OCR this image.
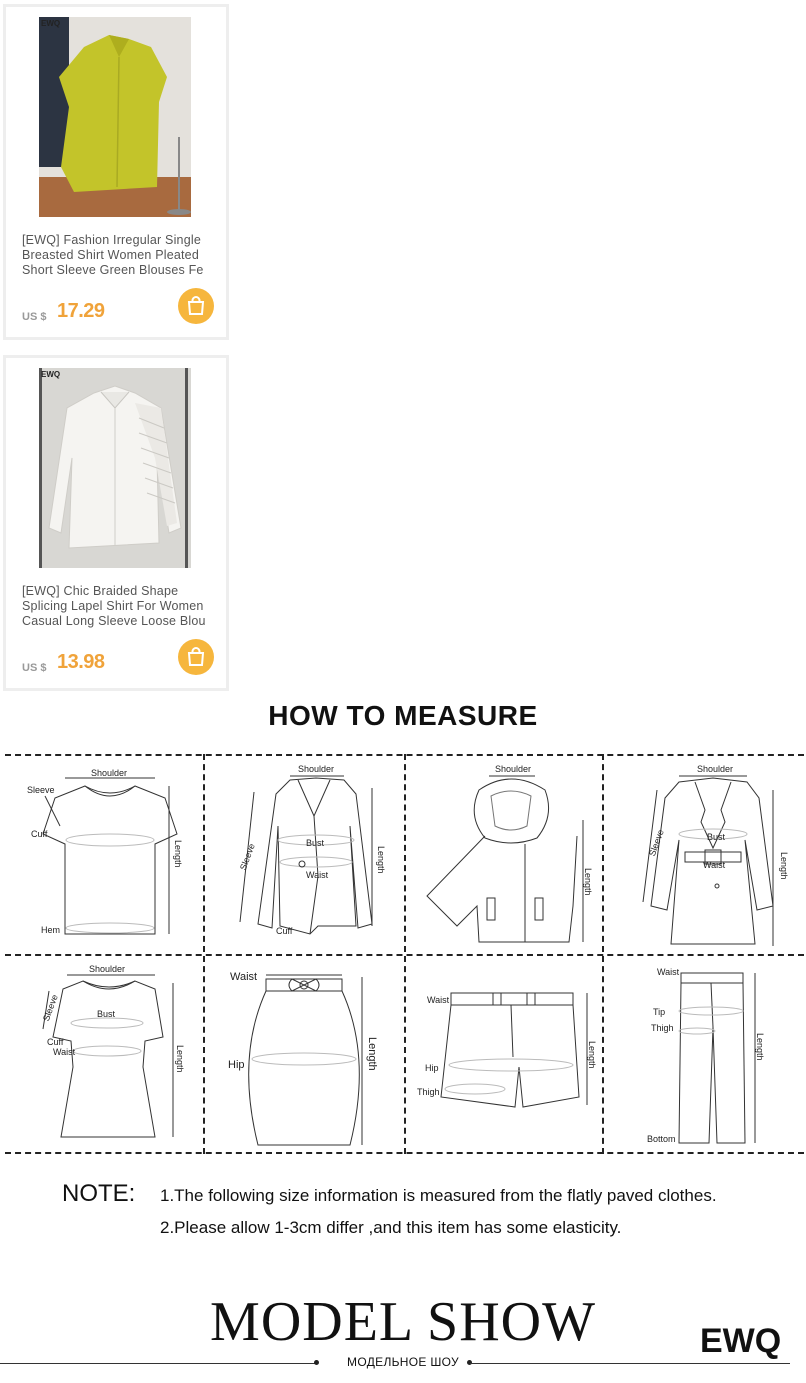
EWQ
[EWQ] Fashion Irregular Single Breasted Shirt Women Pleated Short Sleeve Green Blouses Fe
US $ 17.29
EWQ
[EWQ] Chic Braided Shape Splicing Lapel Shirt For Women Casual Long Sleeve Loose Blou
US $ 13.98
HOW TO MEASURE
Shoulder
Sleeve
Cuff
Hem
Length
Shoulder
Bust
Waist
Cuff
Sleeve	Length
Shoulder
Length
Shoulder
Bust
Waist
Sleeve
Length
Shoulder
Bust
Cuff
Waist
Sleeve
Length
Waist
Hip	Length
Waist
Hip
Thigh
Length
Waist
Tip
Thigh
Bottom
Length
NOTE: 1.The following size information is measured from the flatly paved clothes.
2.Please allow 1-3cm differ ,and this item has some elasticity.
MODEL SHOW	EWQ
МОДЕЛЬНОЕ ШОУ
